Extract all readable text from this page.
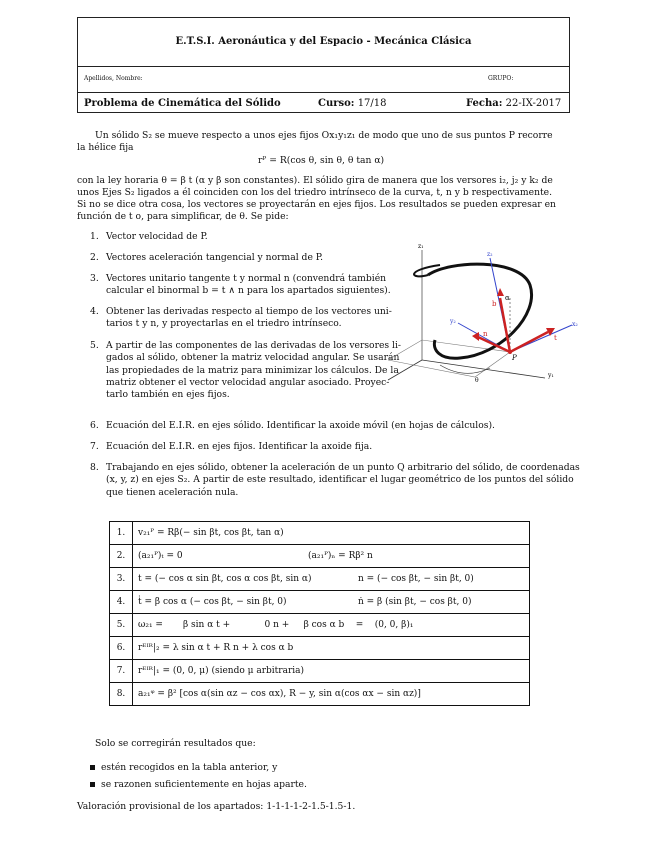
E.T.S.I. Aeronáutica y del Espacio - Mecánica Clásica
Apellidos, Nombre:	GRUPO:
Problema de Cinemática del Sólido	Curso: 17/18	Fecha: 22-IX-2017
Un sólido S₂ se mueve respecto a unos ejes fijos Ox₁y₁z₁ de modo que uno de sus puntos P recorre
la hélice fija
rᴾ = R(cos θ, sin θ, θ tan α)
con la ley horaria θ = β t (α y β son constantes). El sólido gira de manera que los versores i₂, j₂ y k₂ de
unos Ejes S₂ ligados a él coinciden con los del triedro intrínseco de la curva, t, n y b respectivamente.
Si no se dice otra cosa, los vectores se proyectarán en ejes fijos. Los resultados se pueden expresar en
función de t o, para simplificar, de θ. Se pide:
1. Vector velocidad de P.
2. Vectores aceleración tangencial y normal de P.
3. Vectores unitario tangente t y normal n (convendrá también
calcular el binormal b = t ∧ n para los apartados siguientes).
4. Obtener las derivadas respecto al tiempo de los vectores uni-
tarios t y n, y proyectarlas en el triedro intrínseco.
5. A partir de las componentes de las derivadas de los versores li-
gados al sólido, obtener la matriz velocidad angular. Se usarán
las propiedades de la matriz para minimizar los cálculos. De la
matriz obtener el vector velocidad angular asociado. Proyec-
tarlo también en ejes fijos.
z₁
z₂
y₂	x₂
y₁
b
n	t
P
α
θ
6. Ecuación del E.I.R. en ejes sólido. Identificar la axoide móvil (en hojas de cálculos).
7. Ecuación del E.I.R. en ejes fijos. Identificar la axoide fija.
8. Trabajando en ejes sólido, obtener la aceleración de un punto Q arbitrario del sólido, de coordenadas
(x, y, z) en ejes S₂. A partir de este resultado, identificar el lugar geométrico de los puntos del sólido
que tienen aceleración nula.
1.	v₂₁ᴾ = Rβ(− sin βt, cos βt, tan α)
2.	(a₂₁ᴾ)ₜ = 0 (a₂₁ᴾ)ₙ = Rβ² n
3.	t = (− cos α sin βt, cos α cos βt, sin α) n = (− cos βt, − sin βt, 0)
4.	ṫ = β cos α (− cos βt, − sin βt, 0) ṅ = β (sin βt, − cos βt, 0)
5.	ω₂₁ =       β sin α t +            0 n +     β cos α b    =    (0, 0, β)₁
6.	rᴱᴵᴿ|₂ = λ sin α t + R n + λ cos α b
7.	rᴱᴵᴿ|₁ = (0, 0, μ) (siendo μ arbitraria)
8.	a₂₁ᵠ = β² [cos α(sin αz − cos αx), R − y, sin α(cos αx − sin αz)]
Solo se corregirán resultados que:
estén recogidos en la tabla anterior, y
se razonen suficientemente en hojas aparte.
Valoración provisional de los apartados: 1-1-1-1-2-1.5-1.5-1.
